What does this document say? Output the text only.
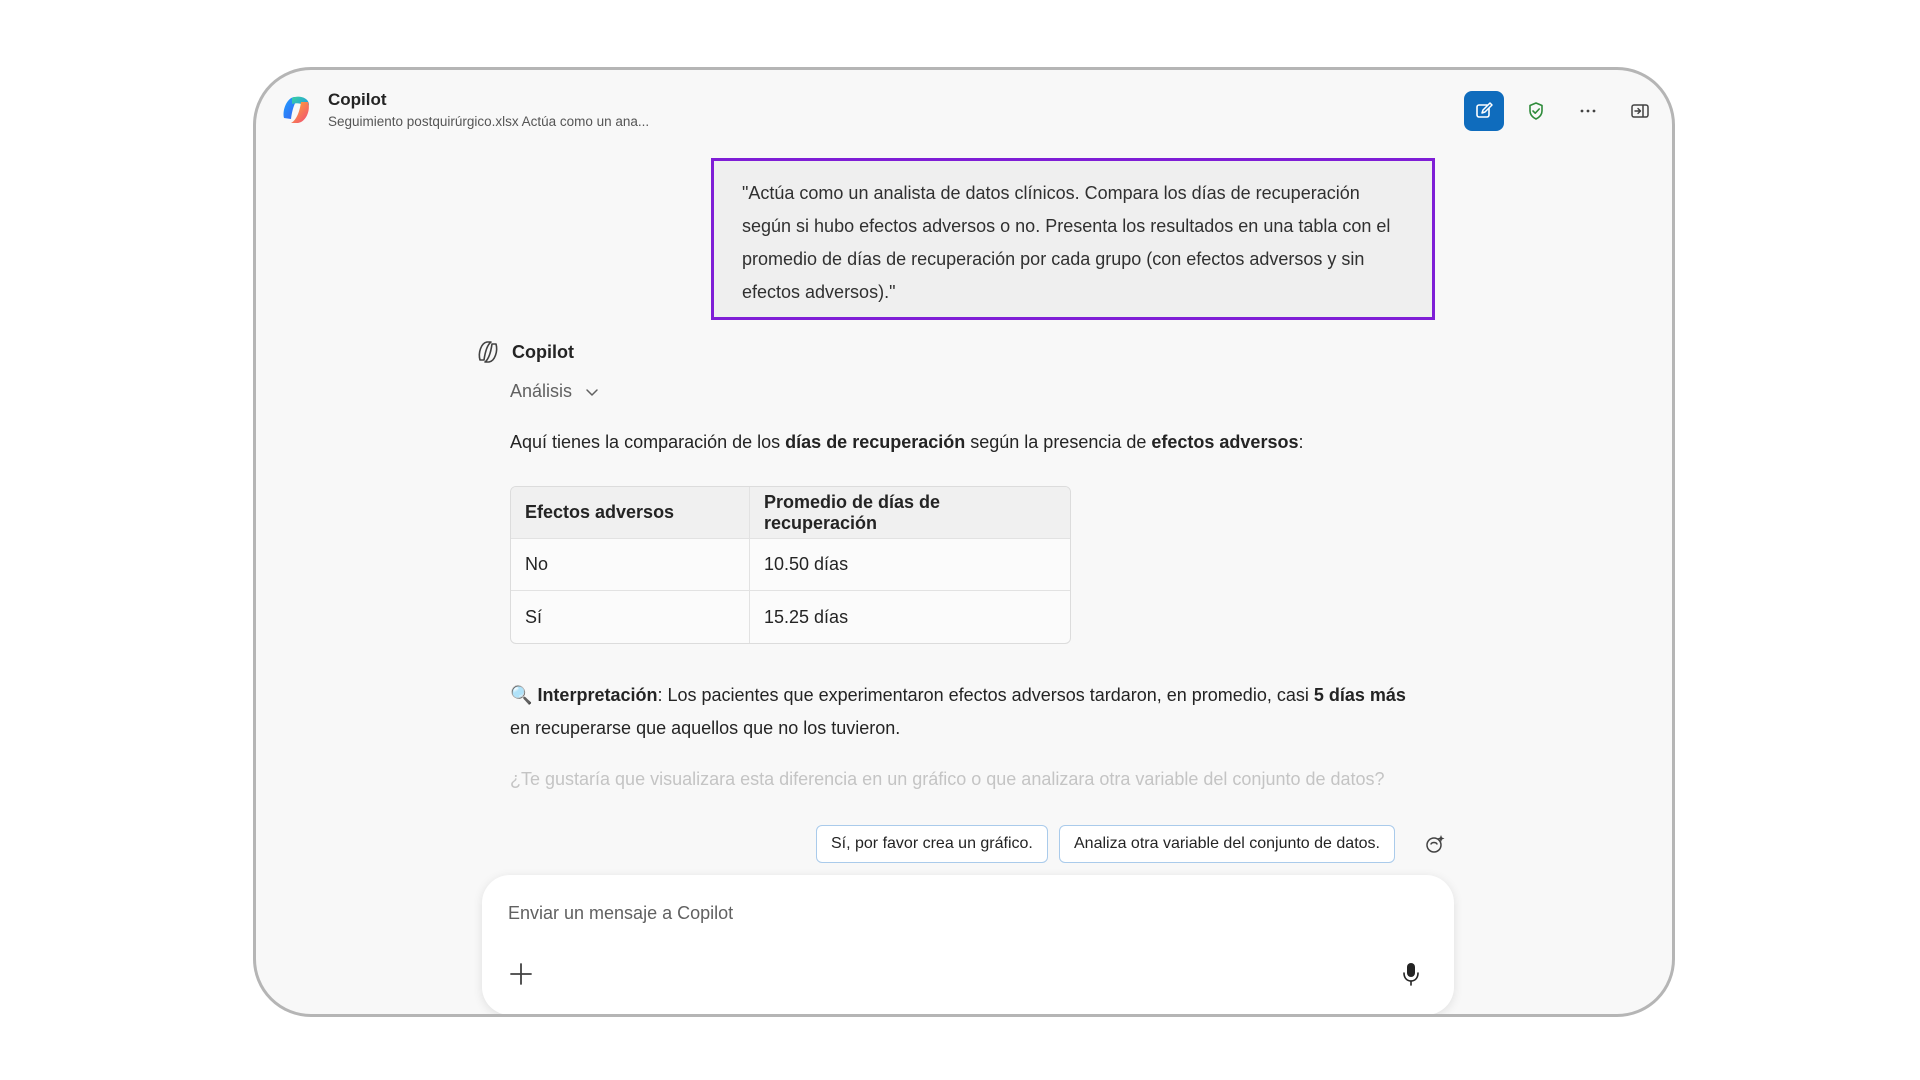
Copilot
Seguimiento postquirúrgico.xlsx Actúa como un ana...
"Actúa como un analista de datos clínicos. Compara los días de recuperación según si hubo efectos adversos o no. Presenta los resultados en una tabla con el promedio de días de recuperación por cada grupo (con efectos adversos y sin efectos adversos)."
Copilot
Análisis
Aquí tienes la comparación de los días de recuperación según la presencia de efectos adversos:
Efectos adversos	Promedio de días de recuperación
No	10.50 días
Sí	15.25 días
🔍 Interpretación: Los pacientes que experimentaron efectos adversos tardaron, en promedio, casi 5 días más en recuperarse que aquellos que no los tuvieron.
¿Te gustaría que visualizara esta diferencia en un gráfico o que analizara otra variable del conjunto de datos?
Sí, por favor crea un gráfico.	Analiza otra variable del conjunto de datos.
Enviar un mensaje a Copilot
